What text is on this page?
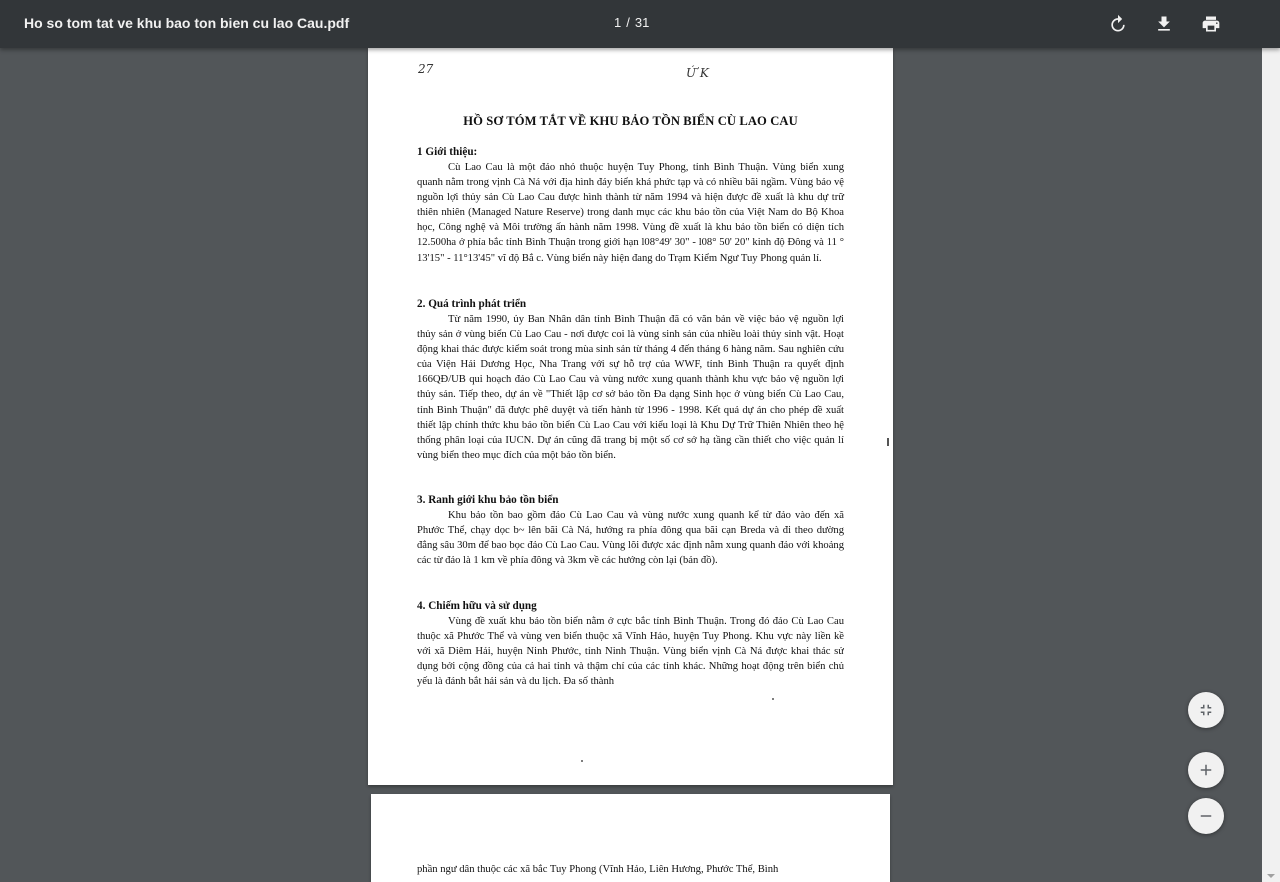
Ho so tom tat ve khu bao ton bien cu lao Cau.pdf	1 / 31
27	Ứ K
HỒ SƠ TÓM TẮT VỀ KHU BẢO TỒN BIỂN CÙ LAO CAU
1 Giới thiệu:

Cù Lao Cau là một đảo nhỏ thuộc huyện Tuy Phong, tỉnh Bình Thuận. Vùng biển xung quanh nằm trong vịnh Cà Ná với địa hình đáy biển khá phức tạp và có nhiều bãi ngầm. Vùng bảo vệ nguồn lợi thủy sản Cù Lao Cau được hình thành từ năm 1994 và hiện được đề xuất là khu dự trữ thiên nhiên (Managed Nature Reserve) trong danh mục các khu bảo tồn của Việt Nam do Bộ Khoa học, Công nghệ và Môi trường ấn hành năm 1998. Vùng đề xuất là khu bảo tồn biển có diện tích 12.500ha ở phía bắc tỉnh Bình Thuận trong giới hạn l08°49' 30" - l08° 50' 20" kinh độ Đông và 11 ° 13'15" - 11°13'45" vĩ độ Bắ c. Vùng biển này hiện đang do Trạm Kiểm Ngư Tuy Phong quản lí.

2. Quá trình phát triển

Từ năm 1990, ủy Ban Nhân dân tỉnh Bình Thuận đã có văn bản về việc bảo vệ nguồn lợi thủy sản ở vùng biển Cù Lao Cau - nơi được coi là vùng sinh sản của nhiều loài thủy sinh vật. Hoạt động khai thác được kiểm soát trong mùa sinh sản từ tháng 4 đến tháng 6 hàng năm. Sau nghiên cứu của Viện Hải Dương Học, Nha Trang với sự hỗ trợ của WWF, tỉnh Bình Thuận ra quyết định 166QĐ/UB qui hoạch đảo Cù Lao Cau và vùng nước xung quanh thành khu vực bảo vệ nguồn lợi thủy sản. Tiếp theo, dự án về "Thiết lập cơ sở bảo tồn Đa dạng Sinh học ở vùng biển Cù Lao Cau, tỉnh Bình Thuận" đã được phê duyệt và tiến hành từ 1996 - 1998. Kết quả dự án cho phép đề xuất thiết lập chính thức khu bảo tồn biển Cù Lao Cau với kiểu loại là Khu Dự Trữ Thiên Nhiên theo hệ thống phân loại của IUCN. Dự án cũng đã trang bị một số cơ sở hạ tầng cần thiết cho việc quản lí vùng biển theo mục đích của một bảo tồn biển.

3. Ranh giới khu bảo tồn biển

Khu bảo tồn bao gồm đảo Cù Lao Cau và vùng nước xung quanh kể từ đảo vào đến xã Phước Thể, chạy dọc b~ lên bãi Cà Ná, hướng ra phía đông qua bãi cạn Breda và đi theo dường đẳng sâu 30m để bao bọc đảo Cù Lao Cau. Vùng lõi được xác định nằm xung quanh đảo với khoảng các từ đảo là 1 km về phía đông và 3km về các hướng còn lại (bản đồ).

4. Chiếm hữu và sử dụng

Vùng đề xuất khu bảo tồn biển nằm ở cực bắc tỉnh Bình Thuận. Trong đó đảo Cù Lao Cau thuộc xã Phước Thể và vùng ven biển thuộc xã Vĩnh Hảo, huyện Tuy Phong. Khu vực này liền kề với xã Diêm Hải, huyện Ninh Phước, tỉnh Ninh Thuận. Vùng biển vịnh Cà Ná được khai thác sử dụng bởi cộng đồng của cả hai tỉnh và thậm chí của các tỉnh khác. Những hoạt động trên biển chủ yếu là đánh bắt hải sản và du lịch. Đa số thành

phần ngư dân thuộc các xã bắc Tuy Phong (Vĩnh Hảo, Liên Hương, Phước Thể, Bình
